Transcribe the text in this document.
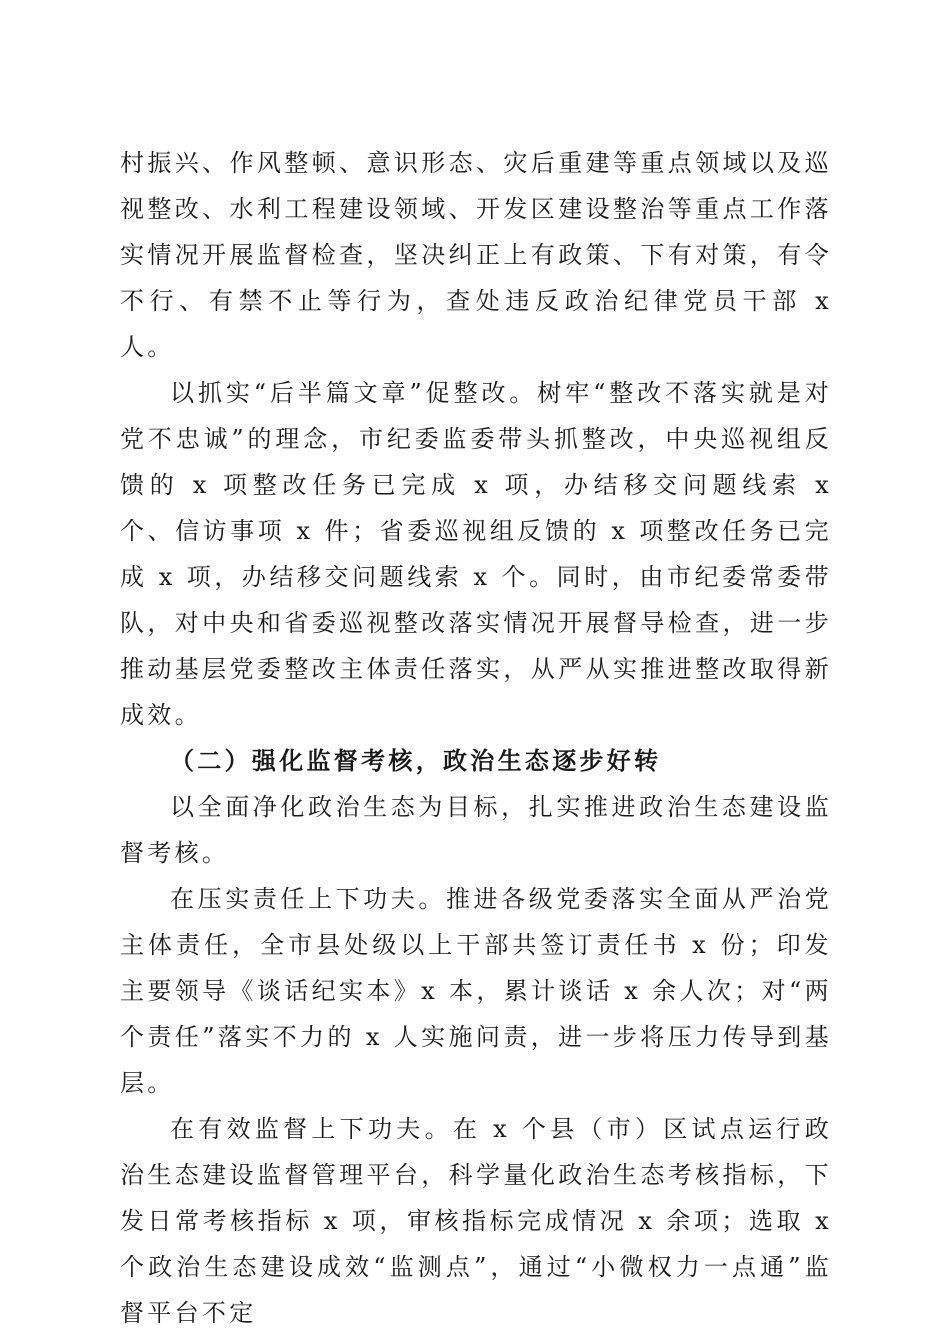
村振兴、作风整顿、意识形态、灾后重建等重点领域以及巡视整改、水利工程建设领域、开发区建设整治等重点工作落实情况开展监督检查，坚决纠正上有政策、下有对策，有令不行、有禁不止等行为，查处违反政治纪律党员干部 x 人。

以抓实“后半篇文章”促整改。树牢“整改不落实就是对党不忠诚”的理念，市纪委监委带头抓整改，中央巡视组反馈的 x 项整改任务已完成 x 项，办结移交问题线索 x 个、信访事项 x 件；省委巡视组反馈的 x 项整改任务已完成 x 项，办结移交问题线索 x 个。同时，由市纪委常委带队，对中央和省委巡视整改落实情况开展督导检查，进一步推动基层党委整改主体责任落实，从严从实推进整改取得新成效。

（二）强化监督考核，政治生态逐步好转

以全面净化政治生态为目标，扎实推进政治生态建设监督考核。

在压实责任上下功夫。推进各级党委落实全面从严治党主体责任，全市县处级以上干部共签订责任书 x 份；印发主要领导《谈话纪实本》x 本，累计谈话 x 余人次；对“两个责任”落实不力的 x 人实施问责，进一步将压力传导到基层。

在有效监督上下功夫。在 x 个县（市）区试点运行政治生态建设监督管理平台，科学量化政治生态考核指标，下发日常考核指标 x 项，审核指标完成情况 x 余项；选取 x 个政治生态建设成效“监测点”，通过“小微权力一点通”监督平台不定
